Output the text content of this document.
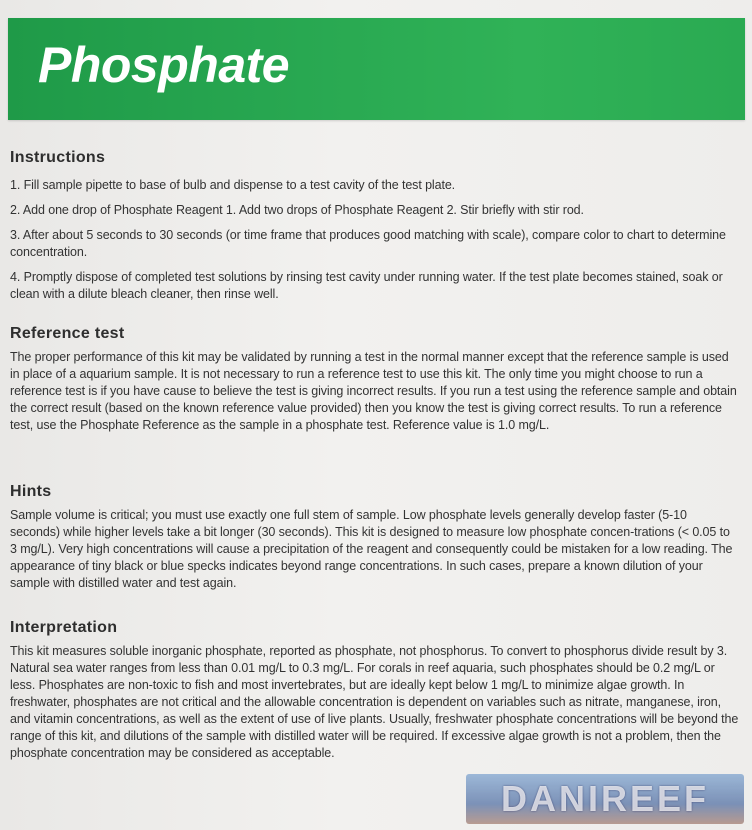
Phosphate
Instructions

1. Fill sample pipette to base of bulb and dispense to a test cavity of the test plate.

2. Add one drop of Phosphate Reagent 1. Add two drops of Phosphate Reagent 2. Stir briefly with stir rod.

3. After about 5 seconds to 30 seconds (or time frame that produces good matching with scale), compare color to chart to determine concentration.

4. Promptly dispose of completed test solutions by rinsing test cavity under running water. If the test plate becomes stained, soak or clean with a dilute bleach cleaner, then rinse well.

Reference test

The proper performance of this kit may be validated by running a test in the normal manner except that the reference sample is used in place of a aquarium sample. It is not necessary to run a reference test to use this kit. The only time you might choose to run a reference test is if you have cause to believe the test is giving incorrect results. If you run a test using the reference sample and obtain the correct result (based on the known reference value provided) then you know the test is giving correct results. To run a reference test, use the Phosphate Reference as the sample in a phosphate test. Reference value is 1.0 mg/L.

Hints

Sample volume is critical; you must use exactly one full stem of sample. Low phosphate levels generally develop faster (5-10 seconds) while higher levels take a bit longer (30 seconds). This kit is designed to measure low phosphate concen-trations (< 0.05 to 3 mg/L). Very high concentrations will cause a precipitation of the reagent and consequently could be mistaken for a low reading. The appearance of tiny black or blue specks indicates beyond range concentrations. In such cases, prepare a known dilution of your sample with distilled water and test again.

Interpretation

This kit measures soluble inorganic phosphate, reported as phosphate, not phosphorus. To convert to phosphorus divide result by 3. Natural sea water ranges from less than 0.01 mg/L to 0.3 mg/L. For corals in reef aquaria, such phosphates should be 0.2 mg/L or less. Phosphates are non-toxic to fish and most invertebrates, but are ideally kept below 1 mg/L to minimize algae growth. In freshwater, phosphates are not critical and the allowable concentration is dependent on variables such as nitrate, manganese, iron, and vitamin concentrations, as well as the extent of use of live plants. Usually, freshwater phosphate concentrations will be beyond the range of this kit, and dilutions of the sample with distilled water will be required. If excessive algae growth is not a problem, then the phosphate concentration may be considered as acceptable.

DANIREEF
